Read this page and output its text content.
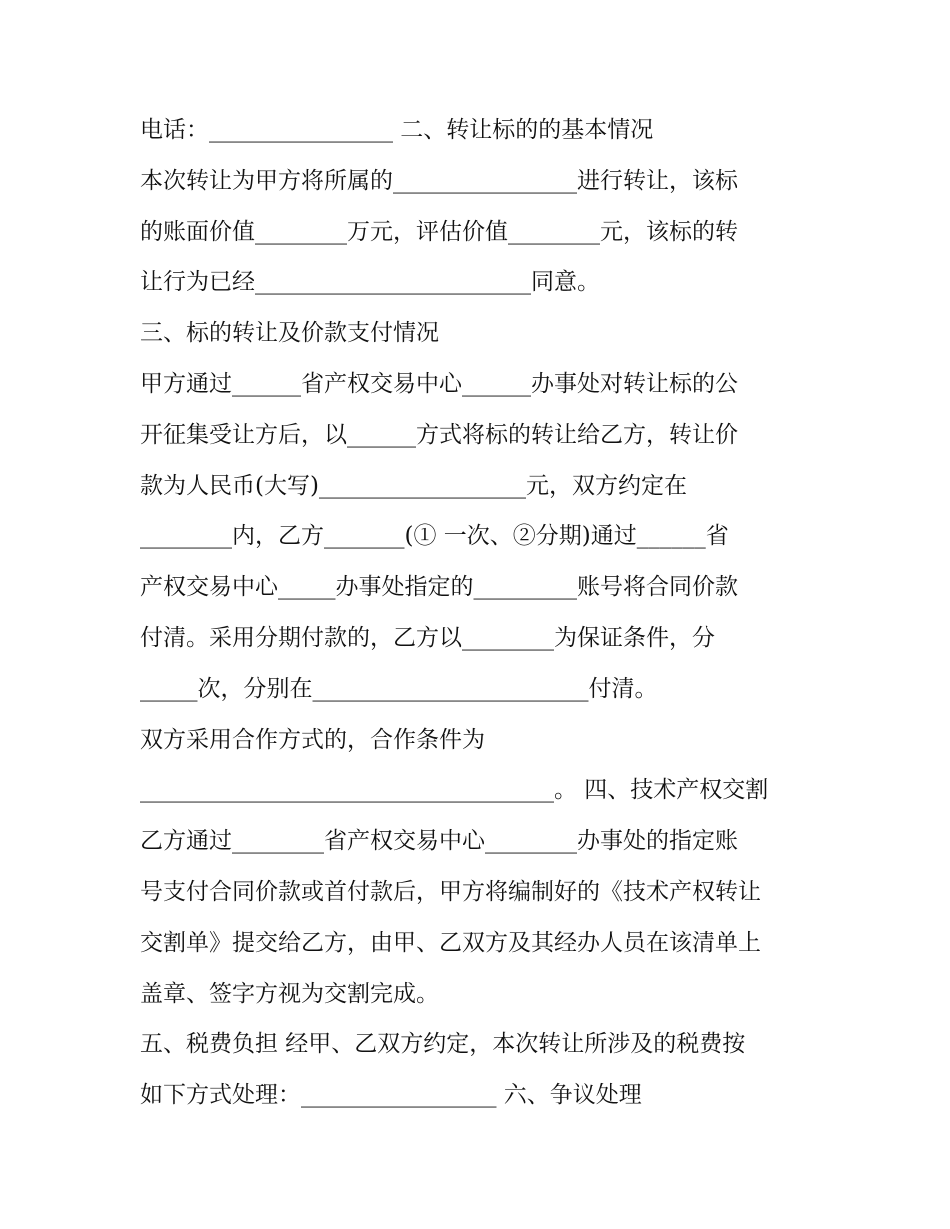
电话：________________ 二、转让标的的基本情况
本次转让为甲方将所属的________________进行转让，该标
的账面价值________万元，评估价值________元，该标的转
让行为已经________________________同意。
三、标的转让及价款支付情况
甲方通过______省产权交易中心______办事处对转让标的公
开征集受让方后，以______方式将标的转让给乙方，转让价
款为人民币(大写)__________________元，双方约定在
________内，乙方_______(① 一次、②分期)通过______省
产权交易中心_____办事处指定的_________账号将合同价款
付清。采用分期付款的，乙方以________为保证条件，分
_____次，分别在________________________付清。
双方采用合作方式的，合作条件为
____________________________________。 四、技术产权交割
乙方通过________省产权交易中心________办事处的指定账
号支付合同价款或首付款后，甲方将编制好的《技术产权转让
交割单》提交给乙方，由甲、乙双方及其经办人员在该清单上
盖章、签字方视为交割完成。
五、税费负担 经甲、乙双方约定，本次转让所涉及的税费按
如下方式处理：_________________ 六、争议处理
